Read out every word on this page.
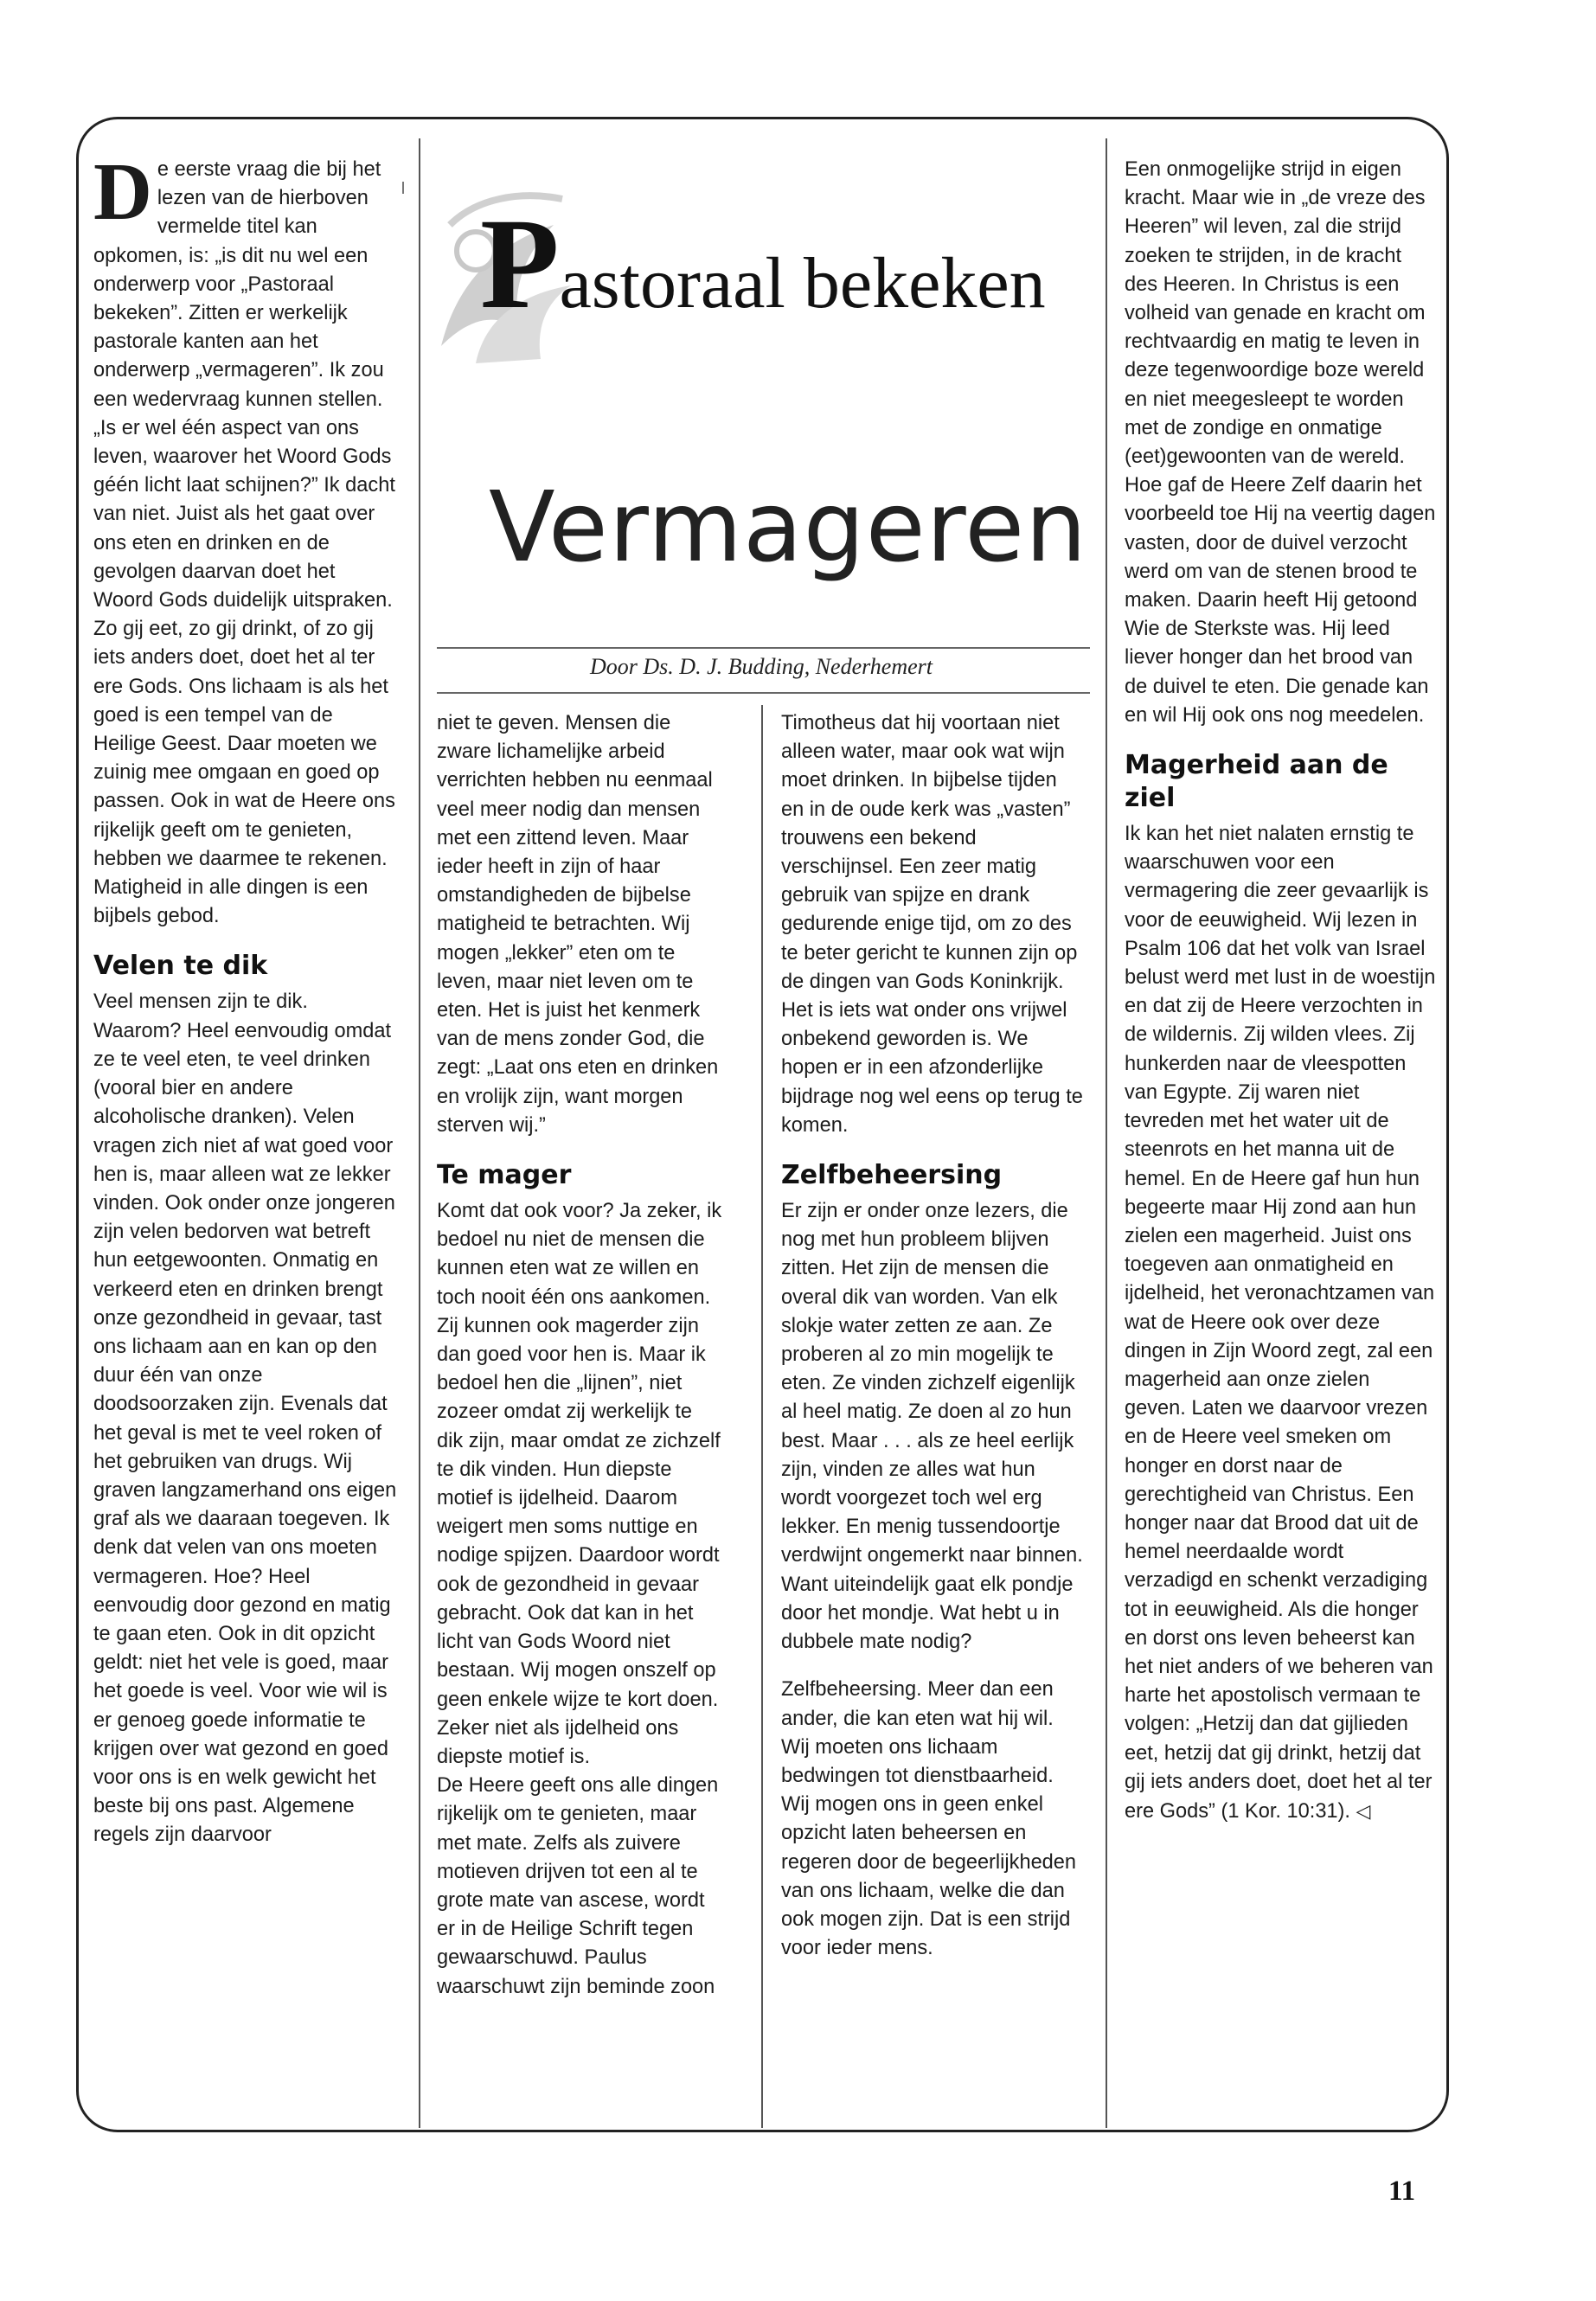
Pastoraal bekeken
Vermageren
Door Ds. D. J. Budding, Nederhemert

De eerste vraag die bij het lezen van de hierboven vermelde titel kan opkomen, is: „is dit nu wel een onderwerp voor „Pastoraal bekeken”. Zitten er werkelijk pastorale kanten aan het onderwerp „vermageren”. Ik zou een wedervraag kunnen stellen. „Is er wel één aspect van ons leven, waarover het Woord Gods géén licht laat schijnen?” Ik dacht van niet. Juist als het gaat over ons eten en drinken en de gevolgen daarvan doet het Woord Gods duidelijk uitspraken. Zo gij eet, zo gij drinkt, of zo gij iets anders doet, doet het al ter ere Gods. Ons lichaam is als het goed is een tempel van de Heilige Geest. Daar moeten we zuinig mee omgaan en goed op passen. Ook in wat de Heere ons rijkelijk geeft om te genieten, hebben we daarmee te rekenen. Matigheid in alle dingen is een bijbels gebod.

Velen te dik

Veel mensen zijn te dik. Waarom? Heel eenvoudig omdat ze te veel eten, te veel drinken (vooral bier en andere alcoholische dranken). Velen vragen zich niet af wat goed voor hen is, maar alleen wat ze lekker vinden. Ook onder onze jongeren zijn velen bedorven wat betreft hun eetgewoonten. Onmatig en verkeerd eten en drinken brengt onze gezondheid in gevaar, tast ons lichaam aan en kan op den duur één van onze doodsoorzaken zijn. Evenals dat het geval is met te veel roken of het gebruiken van drugs. Wij graven langzamerhand ons eigen graf als we daaraan toegeven. Ik denk dat velen van ons moeten vermageren. Hoe? Heel eenvoudig door gezond en matig te gaan eten. Ook in dit opzicht geldt: niet het vele is goed, maar het goede is veel. Voor wie wil is er genoeg goede informatie te krijgen over wat gezond en goed voor ons is en welk gewicht het beste bij ons past. Algemene regels zijn daarvoor

niet te geven. Mensen die zware lichamelijke arbeid verrichten hebben nu eenmaal veel meer nodig dan mensen met een zittend leven. Maar ieder heeft in zijn of haar omstandigheden de bijbelse matigheid te betrachten. Wij mogen „lekker” eten om te leven, maar niet leven om te eten. Het is juist het kenmerk van de mens zonder God, die zegt: „Laat ons eten en drinken en vrolijk zijn, want morgen sterven wij.”

Te mager

Komt dat ook voor? Ja zeker, ik bedoel nu niet de mensen die kunnen eten wat ze willen en toch nooit één ons aankomen. Zij kunnen ook magerder zijn dan goed voor hen is. Maar ik bedoel hen die „lijnen”, niet zozeer omdat zij werkelijk te dik zijn, maar omdat ze zichzelf te dik vinden. Hun diepste motief is ijdelheid. Daarom weigert men soms nuttige en nodige spijzen. Daardoor wordt ook de gezondheid in gevaar gebracht. Ook dat kan in het licht van Gods Woord niet bestaan. Wij mogen onszelf op geen enkele wijze te kort doen. Zeker niet als ijdelheid ons diepste motief is.

De Heere geeft ons alle dingen rijkelijk om te genieten, maar met mate. Zelfs als zuivere motieven drijven tot een al te grote mate van ascese, wordt er in de Heilige Schrift tegen gewaarschuwd. Paulus waarschuwt zijn beminde zoon

Timotheus dat hij voortaan niet alleen water, maar ook wat wijn moet drinken. In bijbelse tijden en in de oude kerk was „vasten” trouwens een bekend verschijnsel. Een zeer matig gebruik van spijze en drank gedurende enige tijd, om zo des te beter gericht te kunnen zijn op de dingen van Gods Koninkrijk. Het is iets wat onder ons vrijwel onbekend geworden is. We hopen er in een afzonderlijke bijdrage nog wel eens op terug te komen.

Zelfbeheersing

Er zijn er onder onze lezers, die nog met hun probleem blijven zitten. Het zijn de mensen die overal dik van worden. Van elk slokje water zetten ze aan. Ze proberen al zo min mogelijk te eten. Ze vinden zichzelf eigenlijk al heel matig. Ze doen al zo hun best. Maar . . . als ze heel eerlijk zijn, vinden ze alles wat hun wordt voorgezet toch wel erg lekker. En menig tussendoortje verdwijnt ongemerkt naar binnen. Want uiteindelijk gaat elk pondje door het mondje. Wat hebt u in dubbele mate nodig?

Zelfbeheersing. Meer dan een ander, die kan eten wat hij wil. Wij moeten ons lichaam bedwingen tot dienstbaarheid. Wij mogen ons in geen enkel opzicht laten beheersen en regeren door de begeerlijkheden van ons lichaam, welke die dan ook mogen zijn. Dat is een strijd voor ieder mens.

Een onmogelijke strijd in eigen kracht. Maar wie in „de vreze des Heeren” wil leven, zal die strijd zoeken te strijden, in de kracht des Heeren. In Christus is een volheid van genade en kracht om rechtvaardig en matig te leven in deze tegenwoordige boze wereld en niet meegesleept te worden met de zondige en onmatige (eet)gewoonten van de wereld. Hoe gaf de Heere Zelf daarin het voorbeeld toe Hij na veertig dagen vasten, door de duivel verzocht werd om van de stenen brood te maken. Daarin heeft Hij getoond Wie de Sterkste was. Hij leed liever honger dan het brood van de duivel te eten. Die genade kan en wil Hij ook ons nog meedelen.

Magerheid aan de ziel

Ik kan het niet nalaten ernstig te waarschuwen voor een vermagering die zeer gevaarlijk is voor de eeuwigheid. Wij lezen in Psalm 106 dat het volk van Israel belust werd met lust in de woestijn en dat zij de Heere verzochten in de wildernis. Zij wilden vlees. Zij hunkerden naar de vleespotten van Egypte. Zij waren niet tevreden met het water uit de steenrots en het manna uit de hemel. En de Heere gaf hun hun begeerte maar Hij zond aan hun zielen een magerheid. Juist ons toegeven aan onmatigheid en ijdelheid, het veronachtzamen van wat de Heere ook over deze dingen in Zijn Woord zegt, zal een magerheid aan onze zielen geven. Laten we daarvoor vrezen en de Heere veel smeken om honger en dorst naar de gerechtigheid van Christus. Een honger naar dat Brood dat uit de hemel neerdaalde wordt verzadigd en schenkt verzadiging tot in eeuwigheid. Als die honger en dorst ons leven beheerst kan het niet anders of we beheren van harte het apostolisch vermaan te volgen: „Hetzij dan dat gijlieden eet, hetzij dat gij drinkt, hetzij dat gij iets anders doet, doet het al ter ere Gods” (1 Kor. 10:31). ◁

11
